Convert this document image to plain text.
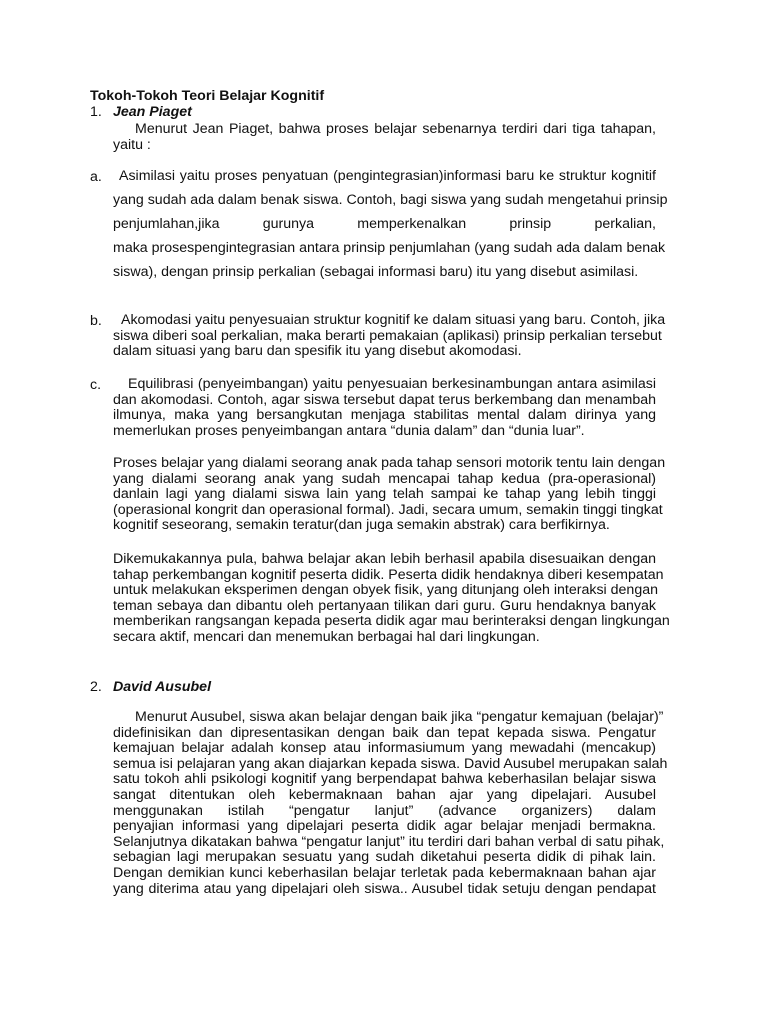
Tokoh-Tokoh Teori Belajar Kognitif
1. Jean Piaget
Menurut Jean Piaget, bahwa proses belajar sebenarnya terdiri dari tiga tahapan,
yaitu :
a.	Asimilasi yaitu proses penyatuan (pengintegrasian)informasi baru ke struktur kognitif
yang sudah ada dalam benak siswa. Contoh, bagi siswa yang sudah mengetahui prinsip
penjumlahan,jika gurunya memperkenalkan prinsip perkalian,
maka prosespengintegrasian antara prinsip penjumlahan (yang sudah ada dalam benak
siswa), dengan prinsip perkalian (sebagai informasi baru) itu yang disebut asimilasi.
b.	Akomodasi yaitu penyesuaian struktur kognitif ke dalam situasi yang baru. Contoh, jika
siswa diberi soal perkalian, maka berarti pemakaian (aplikasi) prinsip perkalian tersebut
dalam situasi yang baru dan spesifik itu yang disebut akomodasi.
c.	Equilibrasi (penyeimbangan) yaitu penyesuaian berkesinambungan antara asimilasi
dan akomodasi. Contoh, agar siswa tersebut dapat terus berkembang dan menambah
ilmunya, maka yang bersangkutan menjaga stabilitas mental dalam dirinya yang
memerlukan proses penyeimbangan antara “dunia dalam” dan “dunia luar”.
Proses belajar yang dialami seorang anak pada tahap sensori motorik tentu lain dengan
yang dialami seorang anak yang sudah mencapai tahap kedua (pra-operasional)
danlain lagi yang dialami siswa lain yang telah sampai ke tahap yang lebih tinggi
(operasional kongrit dan operasional formal). Jadi, secara umum, semakin tinggi tingkat
kognitif seseorang, semakin teratur(dan juga semakin abstrak) cara berfikirnya.
Dikemukakannya pula, bahwa belajar akan lebih berhasil apabila disesuaikan dengan
tahap perkembangan kognitif peserta didik. Peserta didik hendaknya diberi kesempatan
untuk melakukan eksperimen dengan obyek fisik, yang ditunjang oleh interaksi dengan
teman sebaya dan dibantu oleh pertanyaan tilikan dari guru. Guru hendaknya banyak
memberikan rangsangan kepada peserta didik agar mau berinteraksi dengan lingkungan
secara aktif, mencari dan menemukan berbagai hal dari lingkungan.
2. David Ausubel
Menurut Ausubel, siswa akan belajar dengan baik jika “pengatur kemajuan (belajar)”
didefinisikan dan dipresentasikan dengan baik dan tepat kepada siswa. Pengatur
kemajuan belajar adalah konsep atau informasiumum yang mewadahi (mencakup)
semua isi pelajaran yang akan diajarkan kepada siswa. David Ausubel merupakan salah
satu tokoh ahli psikologi kognitif yang berpendapat bahwa keberhasilan belajar siswa
sangat ditentukan oleh kebermaknaan bahan ajar yang dipelajari. Ausubel
menggunakan istilah “pengatur lanjut” (advance organizers) dalam
penyajian informasi yang dipelajari peserta didik agar belajar menjadi bermakna.
Selanjutnya dikatakan bahwa “pengatur lanjut” itu terdiri dari bahan verbal di satu pihak,
sebagian lagi merupakan sesuatu yang sudah diketahui peserta didik di pihak lain.
Dengan demikian kunci keberhasilan belajar terletak pada kebermaknaan bahan ajar
yang diterima atau yang dipelajari oleh siswa.. Ausubel tidak setuju dengan pendapat
